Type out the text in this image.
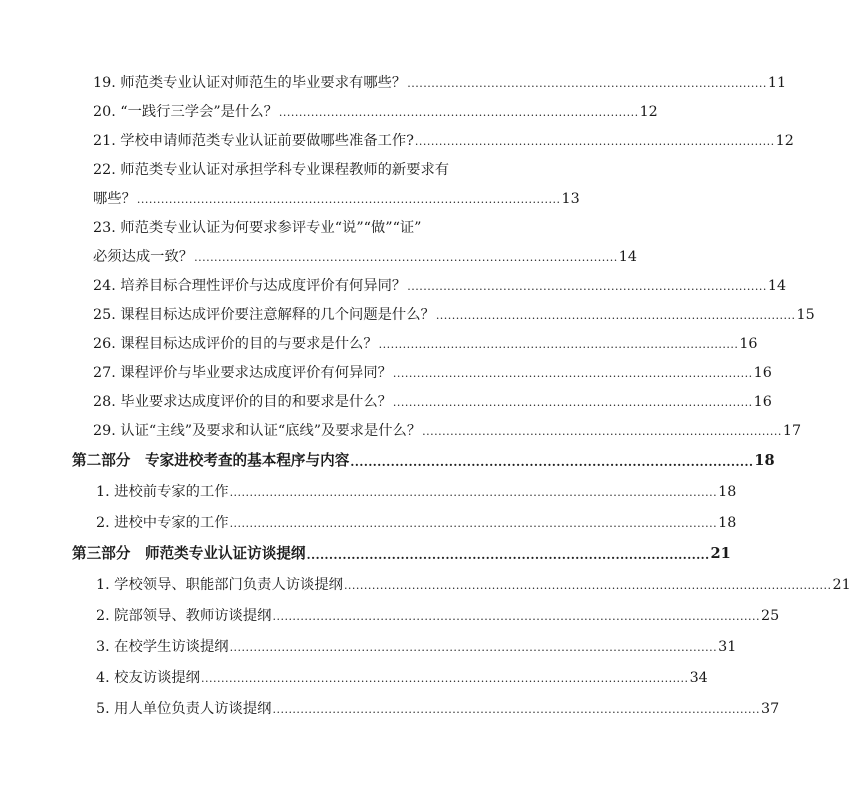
19. 师范类专业认证对师范生的毕业要求有哪些？ .......................................................................................... 11
20. “一践行三学会”是什么？ .......................................................................................... 12
21. 学校申请师范类专业认证前要做哪些准备工作? .......................................................................................... 12
22. 师范类专业认证对承担学科专业课程教师的新要求有
哪些？ .......................................................................................................... 13
23. 师范类专业认证为何要求参评专业“说”“做”“证”
必须达成一致？ .......................................................................................................... 14
24. 培养目标合理性评价与达成度评价有何异同？ .......................................................................................... 14
25. 课程目标达成评价要注意解释的几个问题是什么？ .......................................................................................... 15
26. 课程目标达成评价的目的与要求是什么？ .......................................................................................... 16
27. 课程评价与毕业要求达成度评价有何异同？ .......................................................................................... 16
28. 毕业要求达成度评价的目的和要求是什么？ .......................................................................................... 16
29. 认证“主线”及要求和认证“底线”及要求是什么？ .......................................................................................... 17
第二部分　专家进校考查的基本程序与内容 .......................................................................................... 18
1. 进校前专家的工作 .......................................................................................................................... 18
2. 进校中专家的工作 .......................................................................................................................... 18
第三部分　师范类专业认证访谈提纲 .......................................................................................... 21
1. 学校领导、职能部门负责人访谈提纲 .......................................................................................................................... 21
2. 院部领导、教师访谈提纲 .......................................................................................................................... 25
3. 在校学生访谈提纲 .......................................................................................................................... 31
4. 校友访谈提纲 .......................................................................................................................... 34
5. 用人单位负责人访谈提纲 .......................................................................................................................... 37
